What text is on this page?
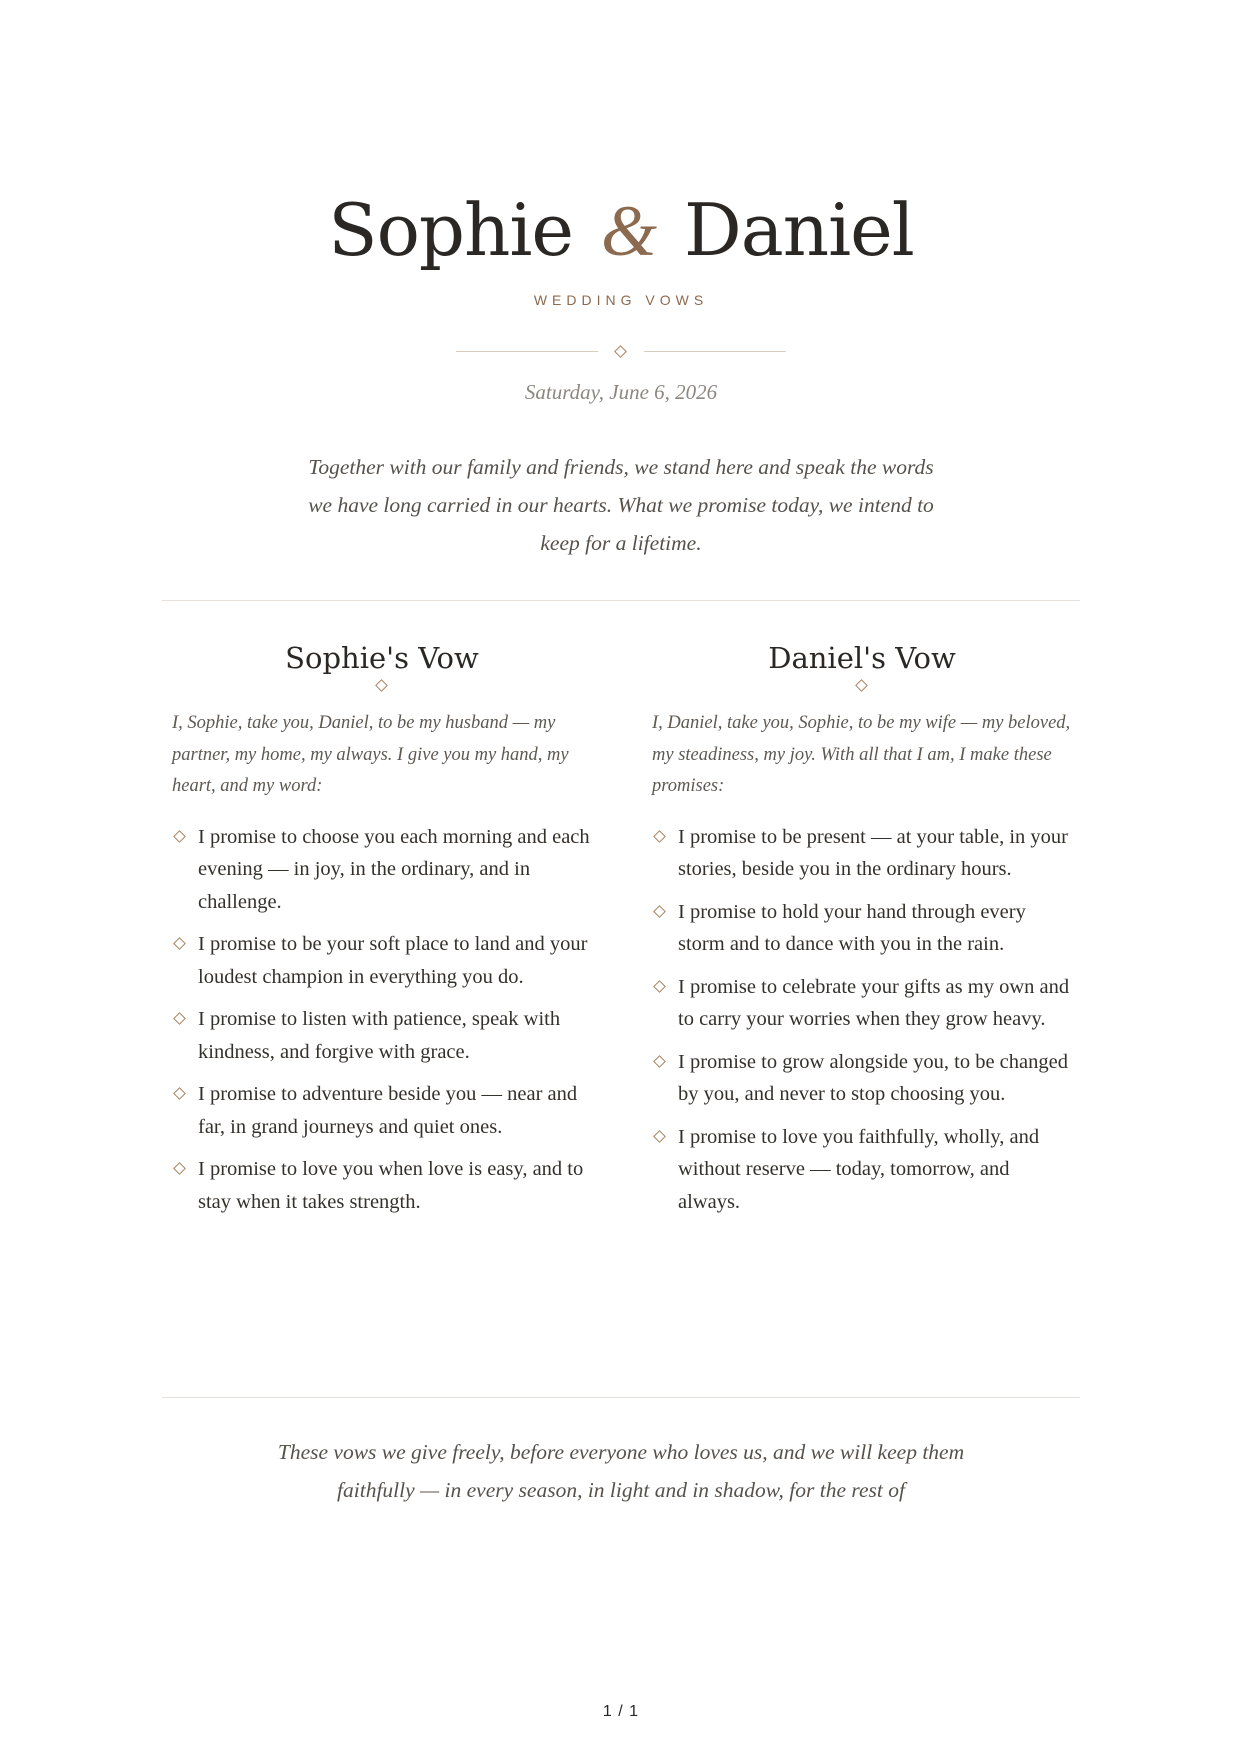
Sophie & Daniel
WEDDING VOWS
Saturday, June 6, 2026
Together with our family and friends, we stand here and speak the words we have long carried in our hearts. What we promise today, we intend to keep for a lifetime.
Sophie's Vow

I, Sophie, take you, Daniel, to be my husband — my partner, my home, my always. I give you my hand, my heart, and my word:

I promise to choose you each morning and each evening — in joy, in the ordinary, and in challenge.
I promise to be your soft place to land and your loudest champion in everything you do.
I promise to listen with patience, speak with kindness, and forgive with grace.
I promise to adventure beside you — near and far, in grand journeys and quiet ones.
I promise to love you when love is easy, and to stay when it takes strength.
Daniel's Vow

I, Daniel, take you, Sophie, to be my wife — my beloved, my steadiness, my joy. With all that I am, I make these promises:

I promise to be present — at your table, in your stories, beside you in the ordinary hours.
I promise to hold your hand through every storm and to dance with you in the rain.
I promise to celebrate your gifts as my own and to carry your worries when they grow heavy.
I promise to grow alongside you, to be changed by you, and never to stop choosing you.
I promise to love you faithfully, wholly, and without reserve — today, tomorrow, and always.
These vows we give freely, before everyone who loves us, and we will keep them faithfully — in every season, in light and in shadow, for the rest of
1 / 1
